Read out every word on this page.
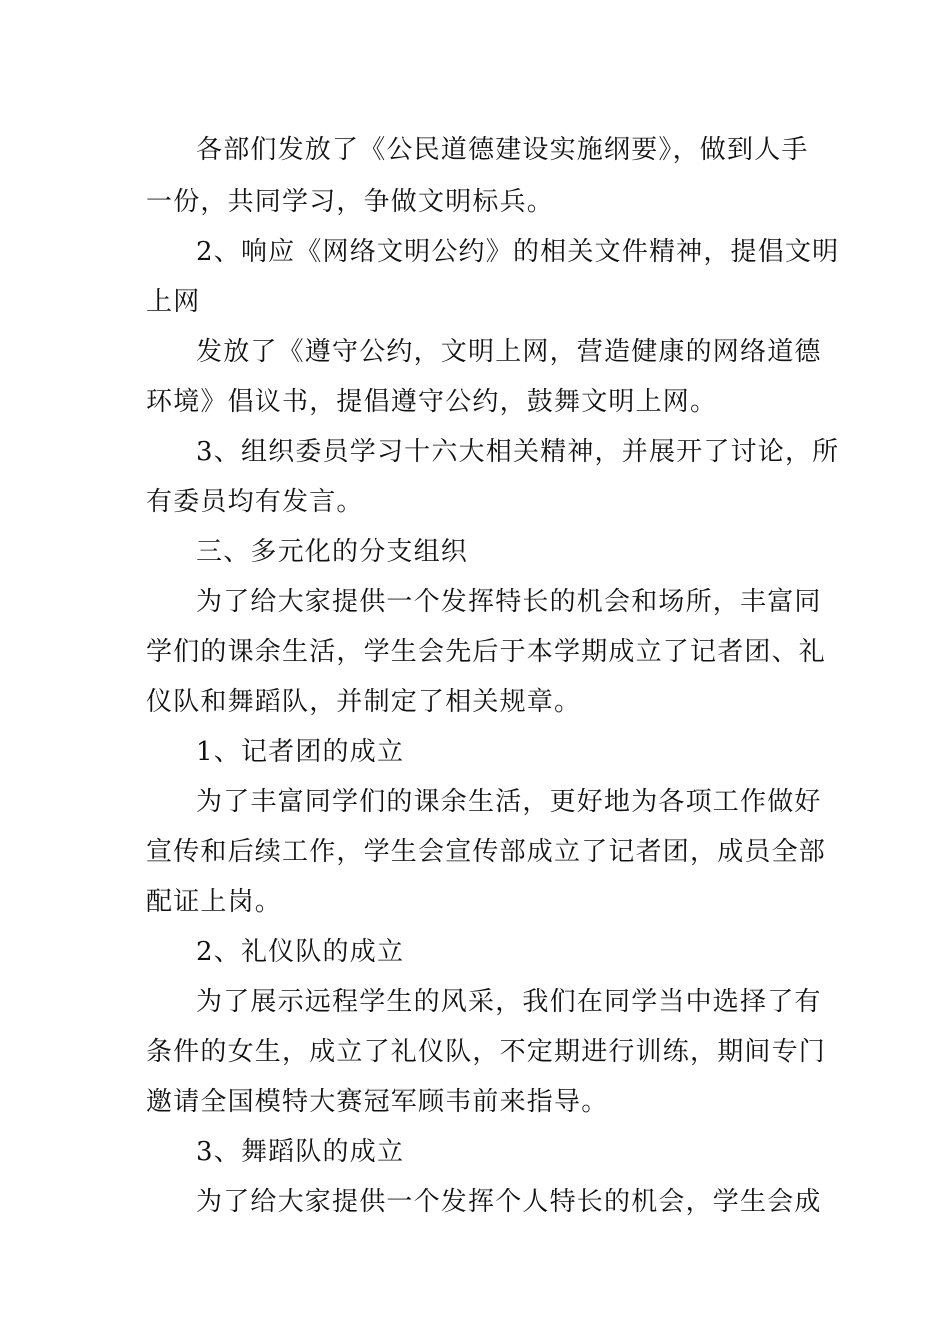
各部们发放了《公民道德建设实施纲要》，做到人手
一份，共同学习，争做文明标兵。
2、响应《网络文明公约》的相关文件精神，提倡文明
上网
发放了《遵守公约，文明上网，营造健康的网络道德
环境》倡议书，提倡遵守公约，鼓舞文明上网。
3、组织委员学习十六大相关精神，并展开了讨论，所
有委员均有发言。
三、多元化的分支组织
为了给大家提供一个发挥特长的机会和场所，丰富同
学们的课余生活，学生会先后于本学期成立了记者团、礼
仪队和舞蹈队，并制定了相关规章。
1、记者团的成立
为了丰富同学们的课余生活，更好地为各项工作做好
宣传和后续工作，学生会宣传部成立了记者团，成员全部
配证上岗。
2、礼仪队的成立
为了展示远程学生的风采，我们在同学当中选择了有
条件的女生，成立了礼仪队，不定期进行训练，期间专门
邀请全国模特大赛冠军顾韦前来指导。
3、舞蹈队的成立
为了给大家提供一个发挥个人特长的机会，学生会成
